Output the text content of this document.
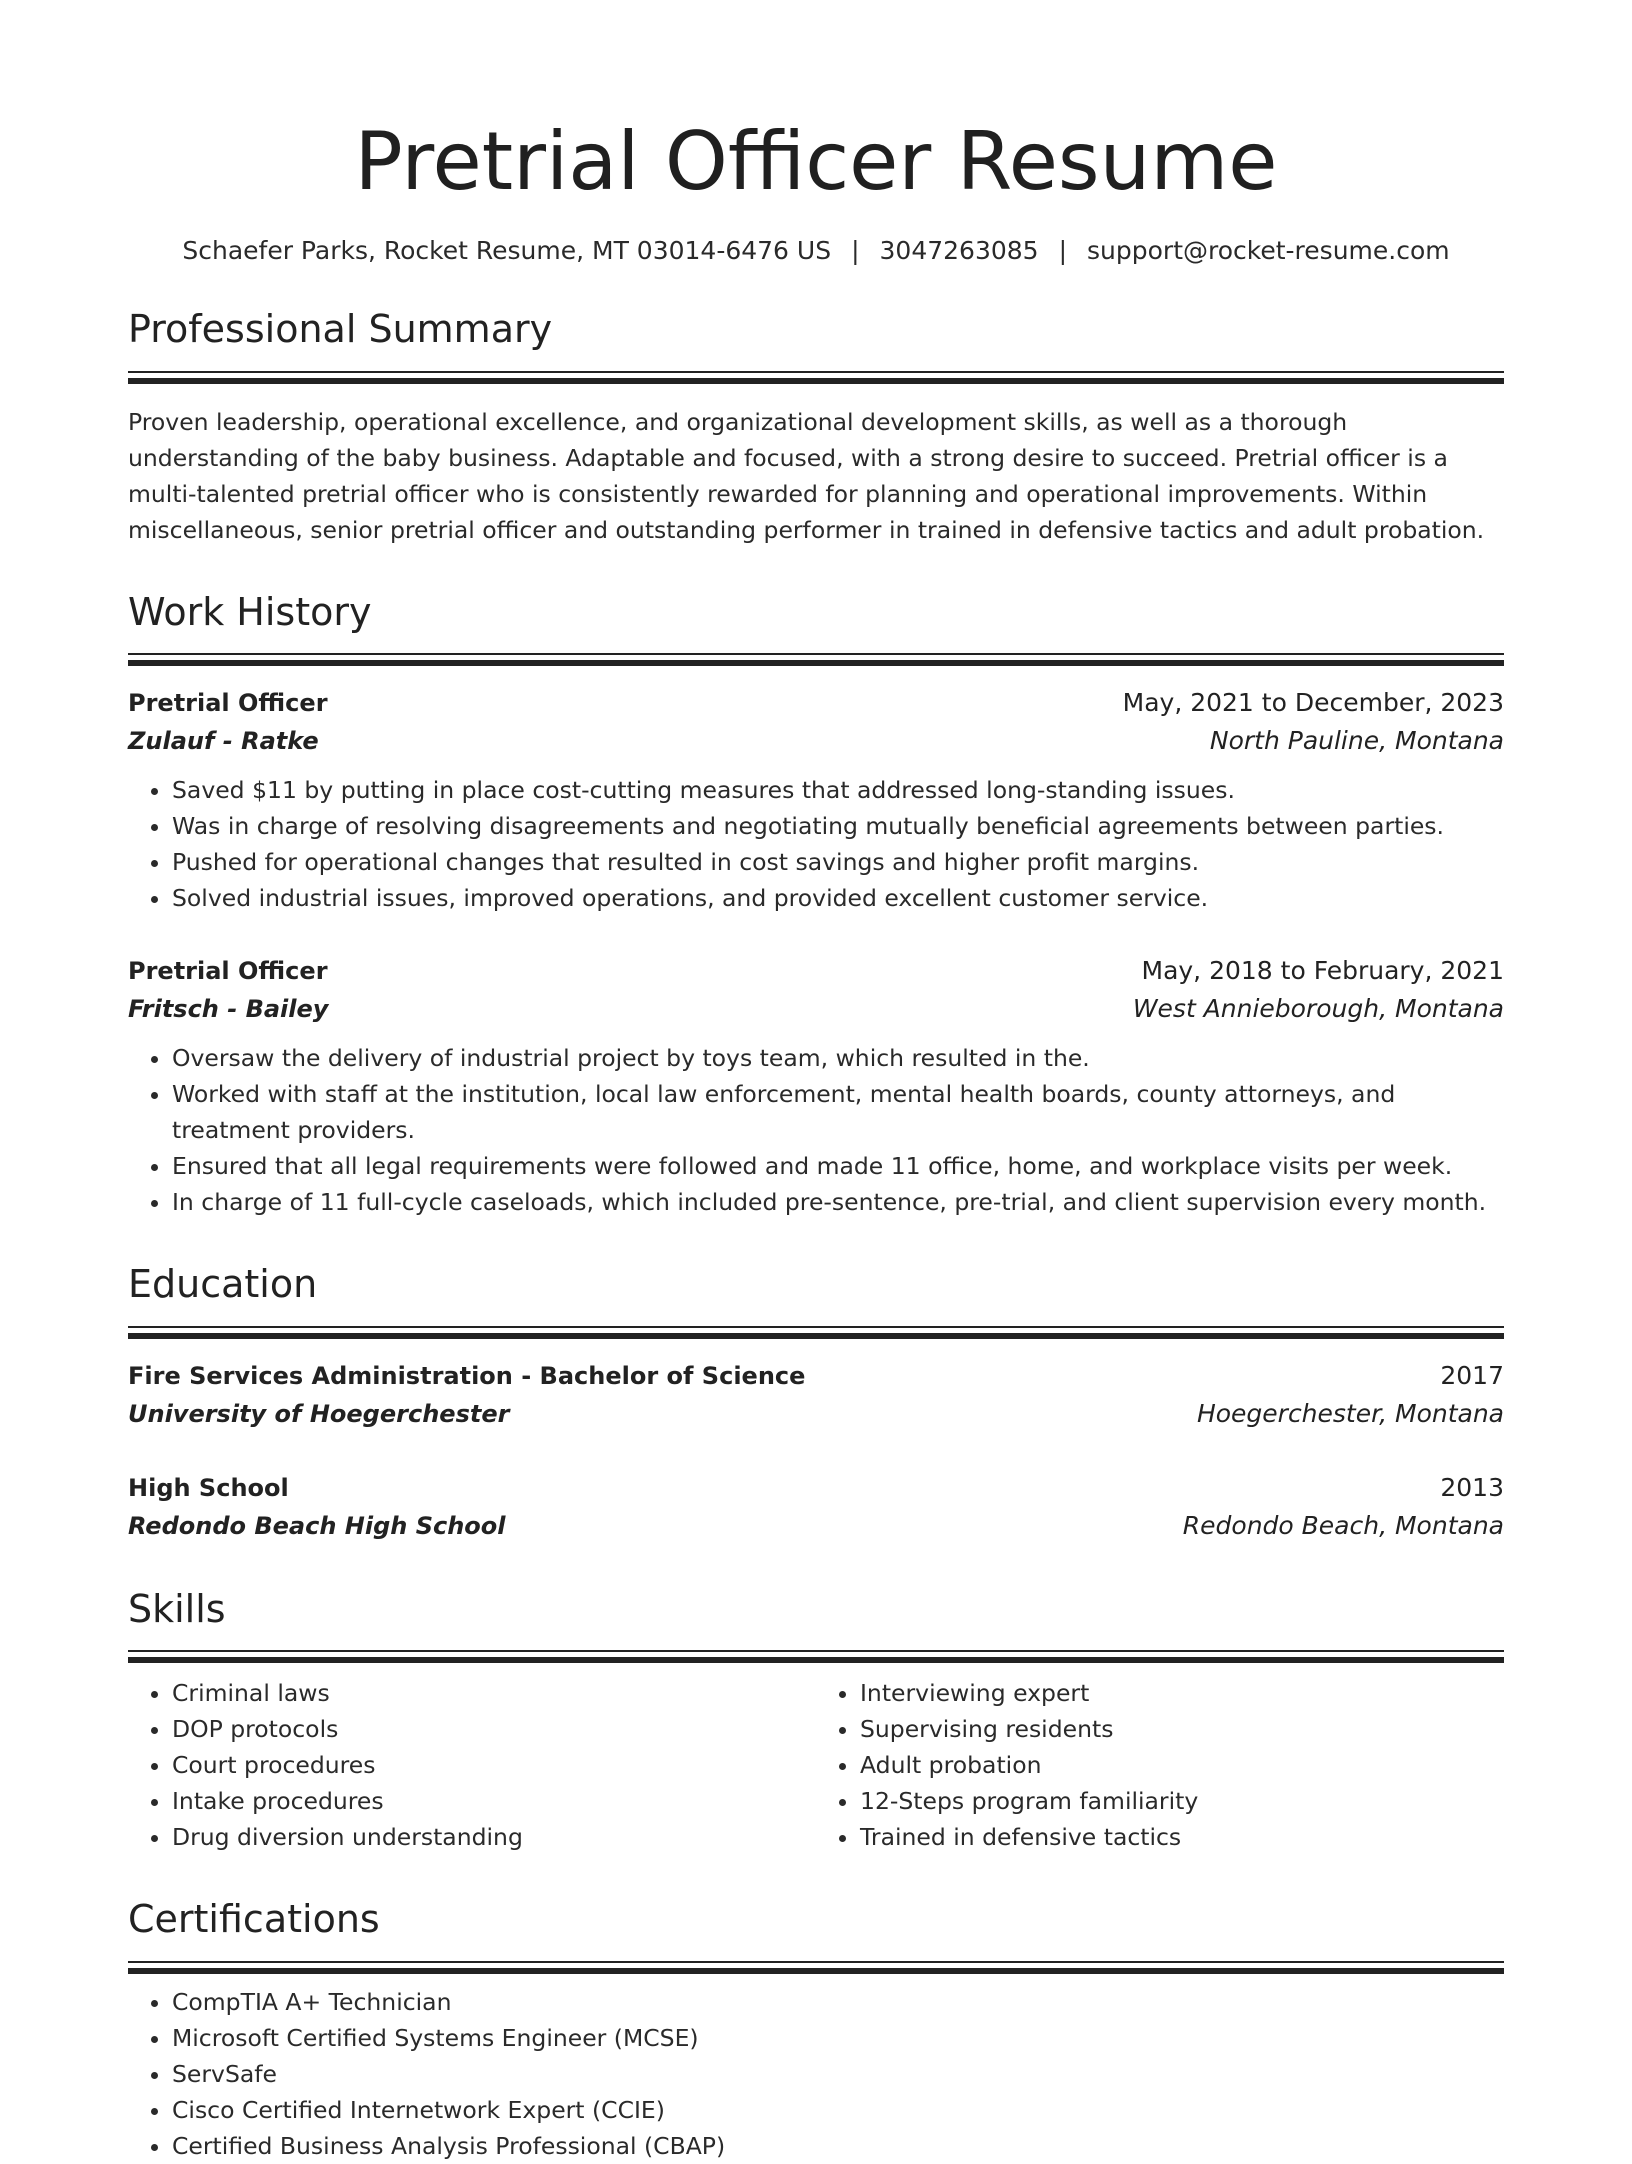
Pretrial Officer Resume
Schaefer Parks, Rocket Resume, MT 03014-6476 US | 3047263085 | support@rocket-resume.com
Professional Summary
Proven leadership, operational excellence, and organizational development skills, as well as a thorough understanding of the baby business. Adaptable and focused, with a strong desire to succeed. Pretrial officer is a multi-talented pretrial officer who is consistently rewarded for planning and operational improvements. Within miscellaneous, senior pretrial officer and outstanding performer in trained in defensive tactics and adult probation.
Work History
Pretrial Officer	May, 2021 to December, 2023
Zulauf - Ratke	North Pauline, Montana
• Saved $11 by putting in place cost-cutting measures that addressed long-standing issues.
• Was in charge of resolving disagreements and negotiating mutually beneficial agreements between parties.
• Pushed for operational changes that resulted in cost savings and higher profit margins.
• Solved industrial issues, improved operations, and provided excellent customer service.
Pretrial Officer	May, 2018 to February, 2021
Fritsch - Bailey	West Annieborough, Montana
• Oversaw the delivery of industrial project by toys team, which resulted in the.
• Worked with staff at the institution, local law enforcement, mental health boards, county attorneys, and treatment providers.
• Ensured that all legal requirements were followed and made 11 office, home, and workplace visits per week.
• In charge of 11 full-cycle caseloads, which included pre-sentence, pre-trial, and client supervision every month.
Education
Fire Services Administration - Bachelor of Science	2017
University of Hoegerchester	Hoegerchester, Montana
High School	2013
Redondo Beach High School	Redondo Beach, Montana
Skills
• Criminal laws
• DOP protocols
• Court procedures
• Intake procedures
• Drug diversion understanding
• Interviewing expert
• Supervising residents
• Adult probation
• 12-Steps program familiarity
• Trained in defensive tactics
Certifications
• CompTIA A+ Technician
• Microsoft Certified Systems Engineer (MCSE)
• ServSafe
• Cisco Certified Internetwork Expert (CCIE)
• Certified Business Analysis Professional (CBAP)
